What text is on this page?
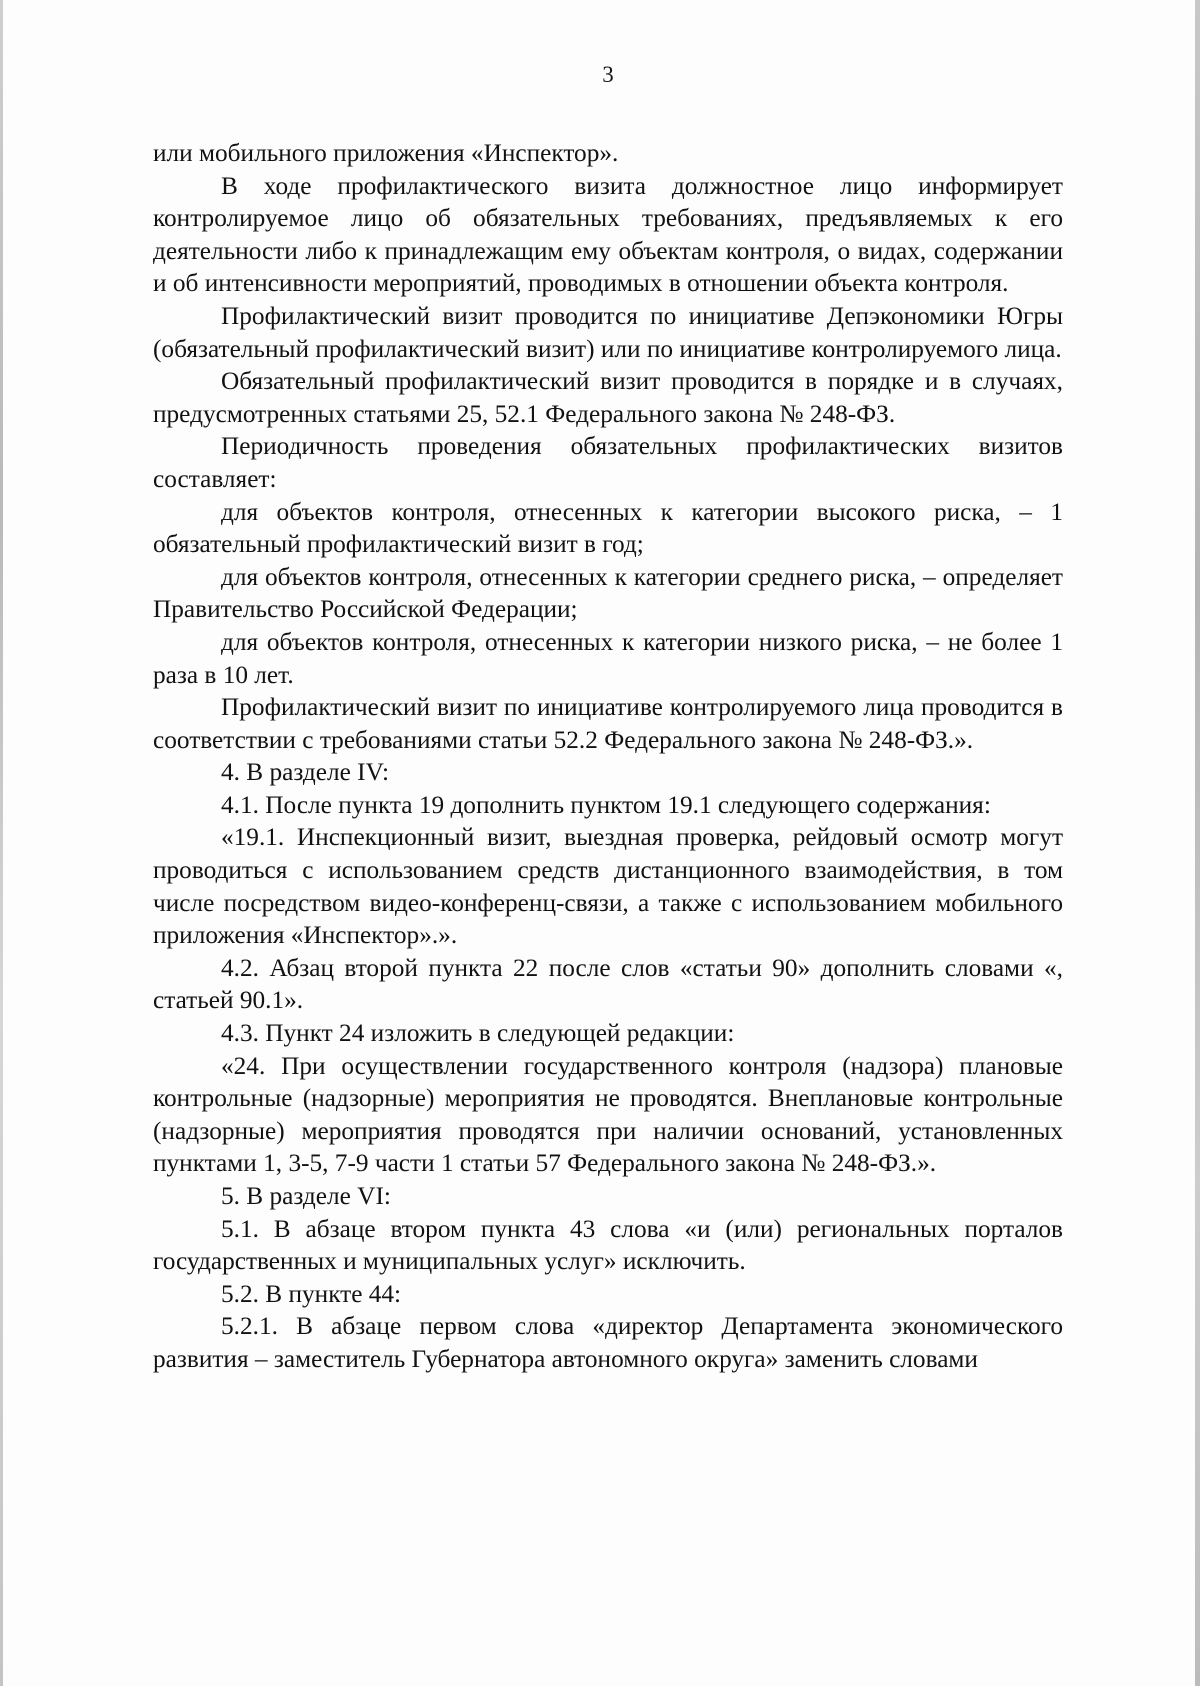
3

или мобильного приложения «Инспектор».

В ходе профилактического визита должностное лицо информирует контролируемое лицо об обязательных требованиях, предъявляемых к его деятельности либо к принадлежащим ему объектам контроля, о видах, содержании и об интенсивности мероприятий, проводимых в отношении объекта контроля.

Профилактический визит проводится по инициативе Депэкономики Югры (обязательный профилактический визит) или по инициативе контролируемого лица.

Обязательный профилактический визит проводится в порядке и в случаях, предусмотренных статьями 25, 52.1 Федерального закона № 248-ФЗ.

Периодичность проведения обязательных профилактических визитов составляет:

для объектов контроля, отнесенных к категории высокого риска, – 1 обязательный профилактический визит в год;

для объектов контроля, отнесенных к категории среднего риска, – определяет Правительство Российской Федерации;

для объектов контроля, отнесенных к категории низкого риска, – не более 1 раза в 10 лет.

Профилактический визит по инициативе контролируемого лица проводится в соответствии с требованиями статьи 52.2 Федерального закона № 248-ФЗ.».

4. В разделе IV:

4.1. После пункта 19 дополнить пунктом 19.1 следующего содержания:

«19.1. Инспекционный визит, выездная проверка, рейдовый осмотр могут проводиться с использованием средств дистанционного взаимодействия, в том числе посредством видео-конференц-связи, а также с использованием мобильного приложения «Инспектор».».

4.2. Абзац второй пункта 22 после слов «статьи 90» дополнить словами «, статьей 90.1».

4.3. Пункт 24 изложить в следующей редакции:

«24. При осуществлении государственного контроля (надзора) плановые контрольные (надзорные) мероприятия не проводятся. Внеплановые контрольные (надзорные) мероприятия проводятся при наличии оснований, установленных пунктами 1, 3-5, 7-9 части 1 статьи 57 Федерального закона № 248-ФЗ.».

5. В разделе VI:

5.1. В абзаце втором пункта 43 слова «и (или) региональных порталов государственных и муниципальных услуг» исключить.

5.2. В пункте 44:

5.2.1. В абзаце первом слова «директор Департамента экономического развития – заместитель Губернатора автономного округа» заменить словами
